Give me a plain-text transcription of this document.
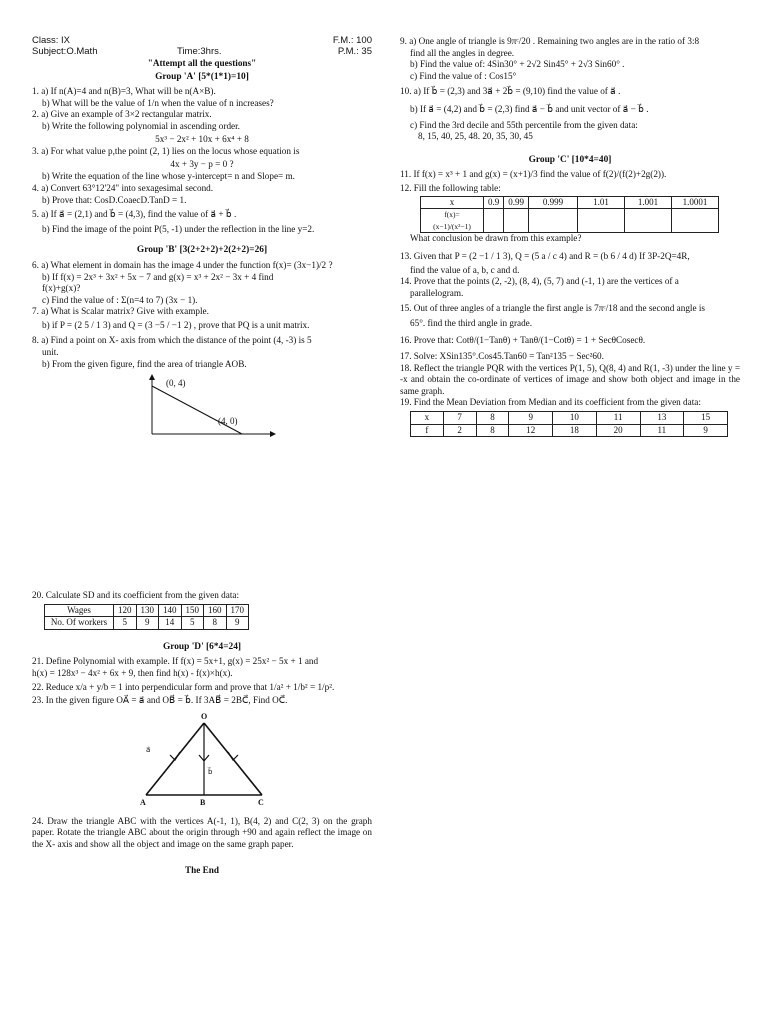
Class: IX	F.M.: 100
Subject:O.Math	Time:3hrs.	P.M.: 35
"Attempt all the questions"
Group 'A' [5*(1*1)=10]
1. a) If n(A)=4 and n(B)=3, What will be n(A×B).
b) What will be the value of 1/n when the value of n increases?
2. a) Give an example of 3×2 rectangular matrix.
b) Write the following polynomial in ascending order.
5x³ − 2x² + 10x + 6x⁴ + 8
3. a) For what value p,the point (2, 1) lies on the locus whose equation is
4x + 3y − p = 0 ?
b) Write the equation of the line whose y-intercept= n and Slope= m.
4. a) Convert 63°12'24" into sexagesimal second.
b) Prove that: CosD.CoaecD.TanD = 1.
5. a) If a⃗ = (2,1) and b⃗ = (4,3), find the value of a⃗ + b⃗ .
b) Find the image of the point P(5, -1) under the reflection in the line y=2.
Group 'B' [3(2+2+2)+2(2+2)=26]
6. a) What element in domain has the image 4 under the function f(x)= (3x−1)/2 ?
b) If f(x) = 2x³ + 3x² + 5x − 7 and g(x) = x³ + 2x² − 3x + 4 find
f(x)+g(x)?
c) Find the value of : Σ(n=4 to 7) (3x − 1).
7. a) What is Scalar matrix? Give with example.
b) if P = (2 5 / 1 3) and Q = (3 −5 / −1 2) , prove that PQ is a unit matrix.
8. a) Find a point on X- axis from which the distance of the point (4, -3) is 5
unit.
b) From the given figure, find the area of triangle AOB.
(0, 4)
(4, 0)
20. Calculate SD and its coefficient from the given data:
Wages	120	130	140	150	160	170
No. Of workers	5	9	14	5	8	9
Group 'D' [6*4=24]
21. Define Polynomial with example. If f(x) = 5x+1, g(x) = 25x² − 5x + 1 and
h(x) = 128x³ − 4x² + 6x + 9, then find h(x) - f(x)×h(x).
22. Reduce x/a + y/b = 1 into perpendicular form and prove that 1/a² + 1/b² = 1/p².
23. In the given figure OA⃗ = a⃗ and OB⃗ = b⃗. If 3AB⃗ = 2BC⃗, Find OC⃗.
O
A	B	C
a⃗
b⃗
24. Draw the triangle ABC with the vertices A(-1, 1), B(4, 2) and C(2, 3) on the graph paper. Rotate the triangle ABC about the origin through +90 and again reflect the image on the X- axis and show all the object and image on the same graph paper.
The End
9. a) One angle of triangle is 9πᶜ/20 . Remaining two angles are in the ratio of 3:8
find all the angles in degree.
b) Find the value of: 4Sin30° + 2√2 Sin45° + 2√3 Sin60° .
c) Find the value of : Cos15°
10. a) If b⃗ = (2,3) and 3a⃗ + 2b⃗ = (9,10) find the value of a⃗ .
b) If a⃗ = (4,2) and b⃗ = (2,3) find a⃗ − b⃗ and unit vector of a⃗ − b⃗ .
c) Find the 3rd decile and 55th percentile from the given data:
8, 15, 40, 25, 48. 20, 35, 30, 45
Group 'C' [10*4=40]
11. If f(x) = x³ + 1 and g(x) = (x+1)/3 find the value of f(2)/(f(2)+2g(2)).
12. Fill the following table:
x	0.9	0.99	0.999	1.01	1.001	1.0001
f(x)= (x−1)/(x²−1)						
What conclusion be drawn from this example?
13. Given that P = (2 −1 / 1 3), Q = (5 a / c 4) and R = (b 6 / 4 d) If 3P-2Q=4R,
find the value of a, b, c and d.
14. Prove that the points (2, -2), (8, 4), (5, 7) and (-1, 1) are the vertices of a
parallelogram.
15. Out of three angles of a triangle the first angle is 7πᶜ/18 and the second angle is
65°. find the third angle in grade.
16. Prove that: Cotθ/(1−Tanθ) + Tanθ/(1−Cotθ) = 1 + SecθCosecθ.
17. Solve: XSin135°.Cos45.Tan60 = Tan²135 − Sec²60.
18. Reflect the triangle PQR with the vertices P(1, 5), Q(8, 4) and R(1, -3) under the line y = -x and obtain the co-ordinate of vertices of image and show both object and image in the same graph.
19. Find the Mean Deviation from Median and its coefficient from the given data:
x	7	8	9	10	11	13	15
f	2	8	12	18	20	11	9
